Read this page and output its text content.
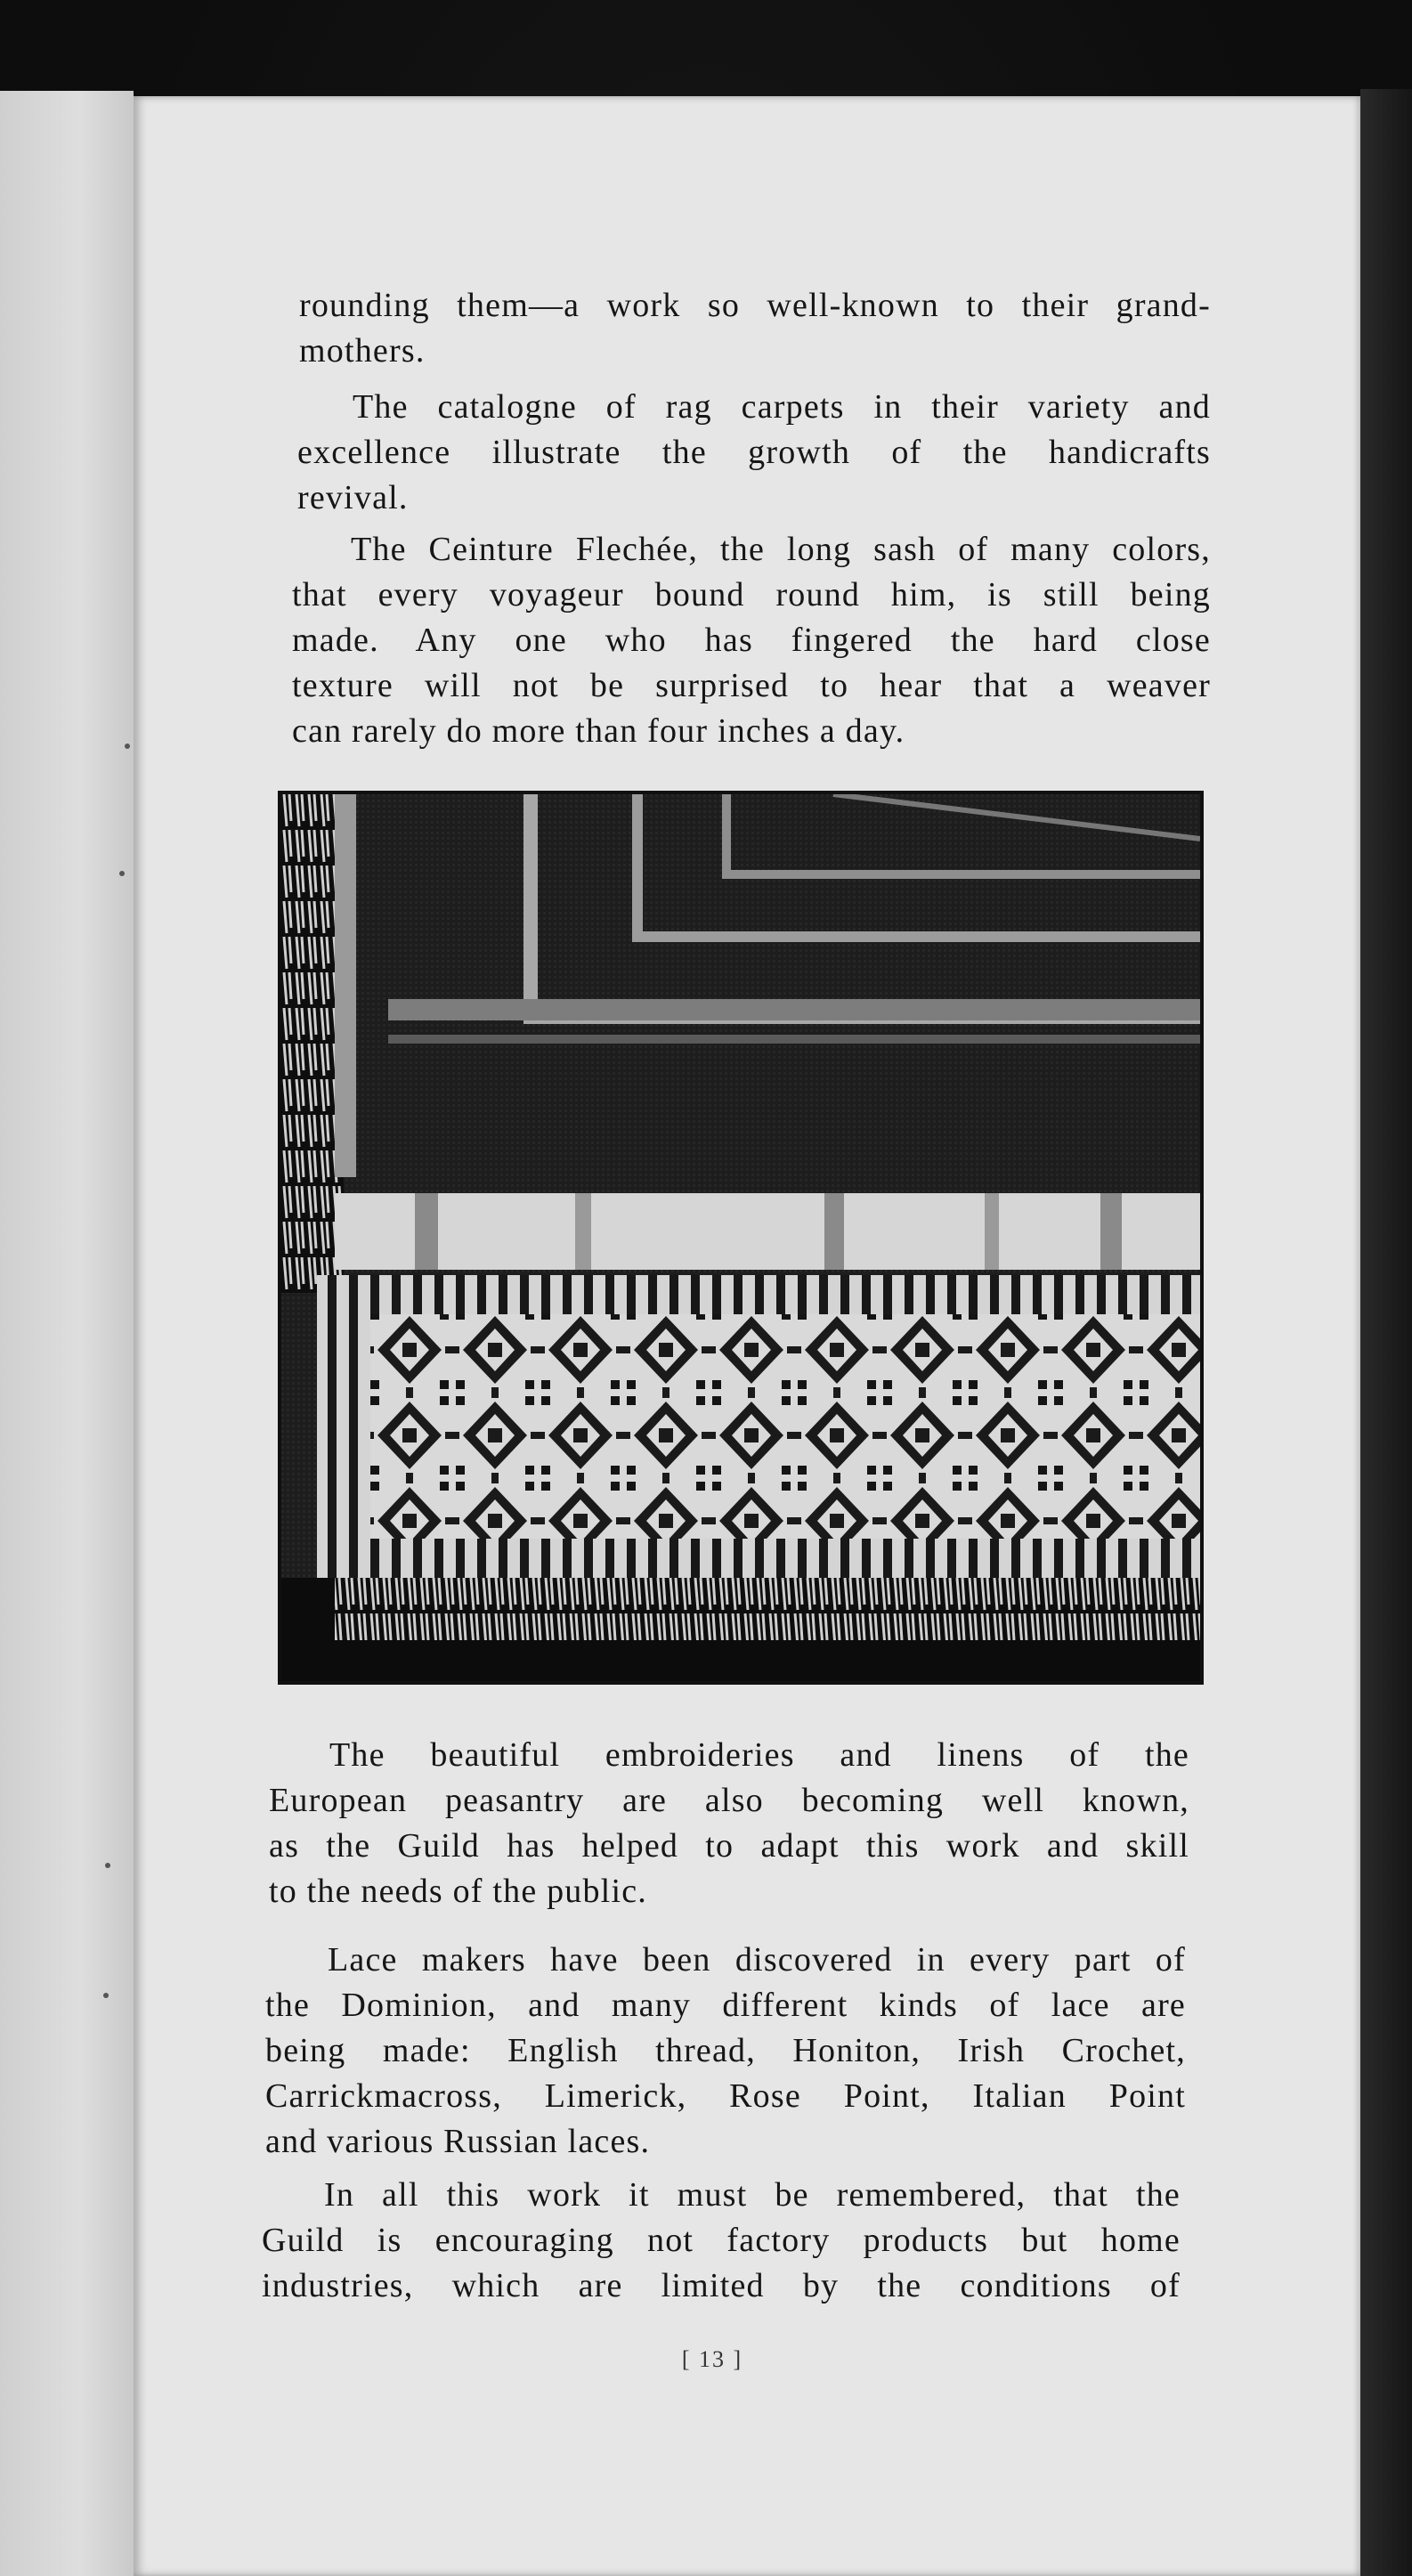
rounding them—a work so well-known to their grand-
mothers.

The catalogne of rag carpets in their variety and
excellence illustrate the growth of the handicrafts
revival.

The Ceinture Flechée, the long sash of many colors,
that every voyageur bound round him, is still being
made. Any one who has fingered the hard close
texture will not be surprised to hear that a weaver
can rarely do more than four inches a day.

The beautiful embroideries and linens of the
European peasantry are also becoming well known,
as the Guild has helped to adapt this work and skill
to the needs of the public.

Lace makers have been discovered in every part of
the Dominion, and many different kinds of lace are
being made: English thread, Honiton, Irish Crochet,
Carrickmacross, Limerick, Rose Point, Italian Point
and various Russian laces.

In all this work it must be remembered, that the
Guild is encouraging not factory products but home
industries, which are limited by the conditions of

[ 13 ]
